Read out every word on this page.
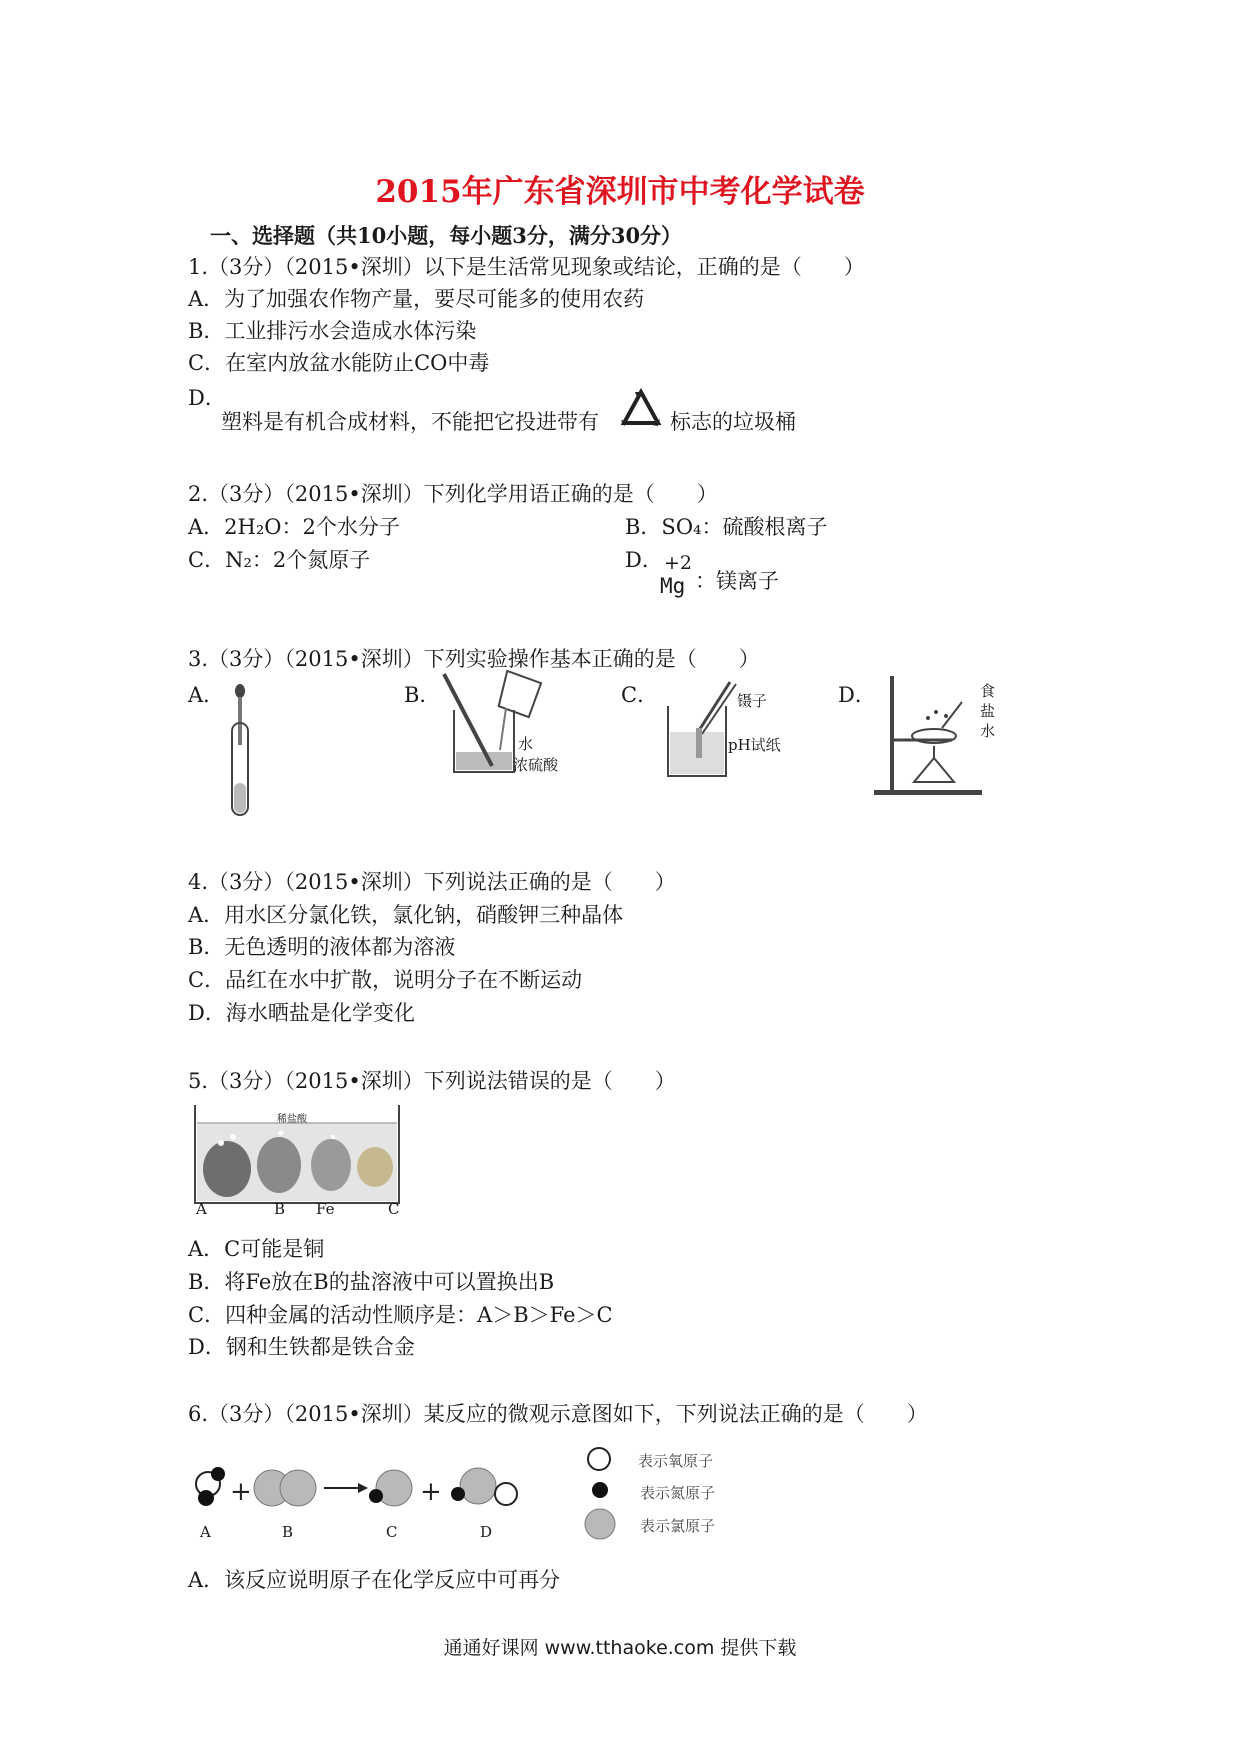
2015年广东省深圳市中考化学试卷
一、选择题（共10小题，每小题3分，满分30分）
1.（3分）（2015•深圳）以下是生活常见现象或结论，正确的是（　　）
A．为了加强农作物产量，要尽可能多的使用农药
B．工业排污水会造成水体污染
C．在室内放盆水能防止CO中毒
D．
塑料是有机合成材料，不能把它投进带有	标志的垃圾桶
2.（3分）（2015•深圳）下列化学用语正确的是（　　）
A．2H₂O：2个水分子	B．SO₄：硫酸根离子
C．N₂：2个氮原子	D． +2
Mg ：镁离子
3.（3分）（2015•深圳）下列实验操作基本正确的是（　　）
A．	B．	C．	D．
水
浓硫酸
镊子
pH试纸
食
盐
水
4.（3分）（2015•深圳）下列说法正确的是（　　）
A．用水区分氯化铁，氯化钠，硝酸钾三种晶体
B．无色透明的液体都为溶液
C．品红在水中扩散，说明分子在不断运动
D．海水晒盐是化学变化
5.（3分）（2015•深圳）下列说法错误的是（　　）
稀盐酸
A	B Fe	C
A．C可能是铜
B．将Fe放在B的盐溶液中可以置换出B
C．四种金属的活动性顺序是：A＞B＞Fe＞C
D．钢和生铁都是铁合金
6.（3分）（2015•深圳）某反应的微观示意图如下，下列说法正确的是（　　）
+	+
A	B	C	D
表示氧原子
表示氮原子
表示氯原子
A．该反应说明原子在化学反应中可再分
通通好课网 www.tthaoke.com 提供下载
